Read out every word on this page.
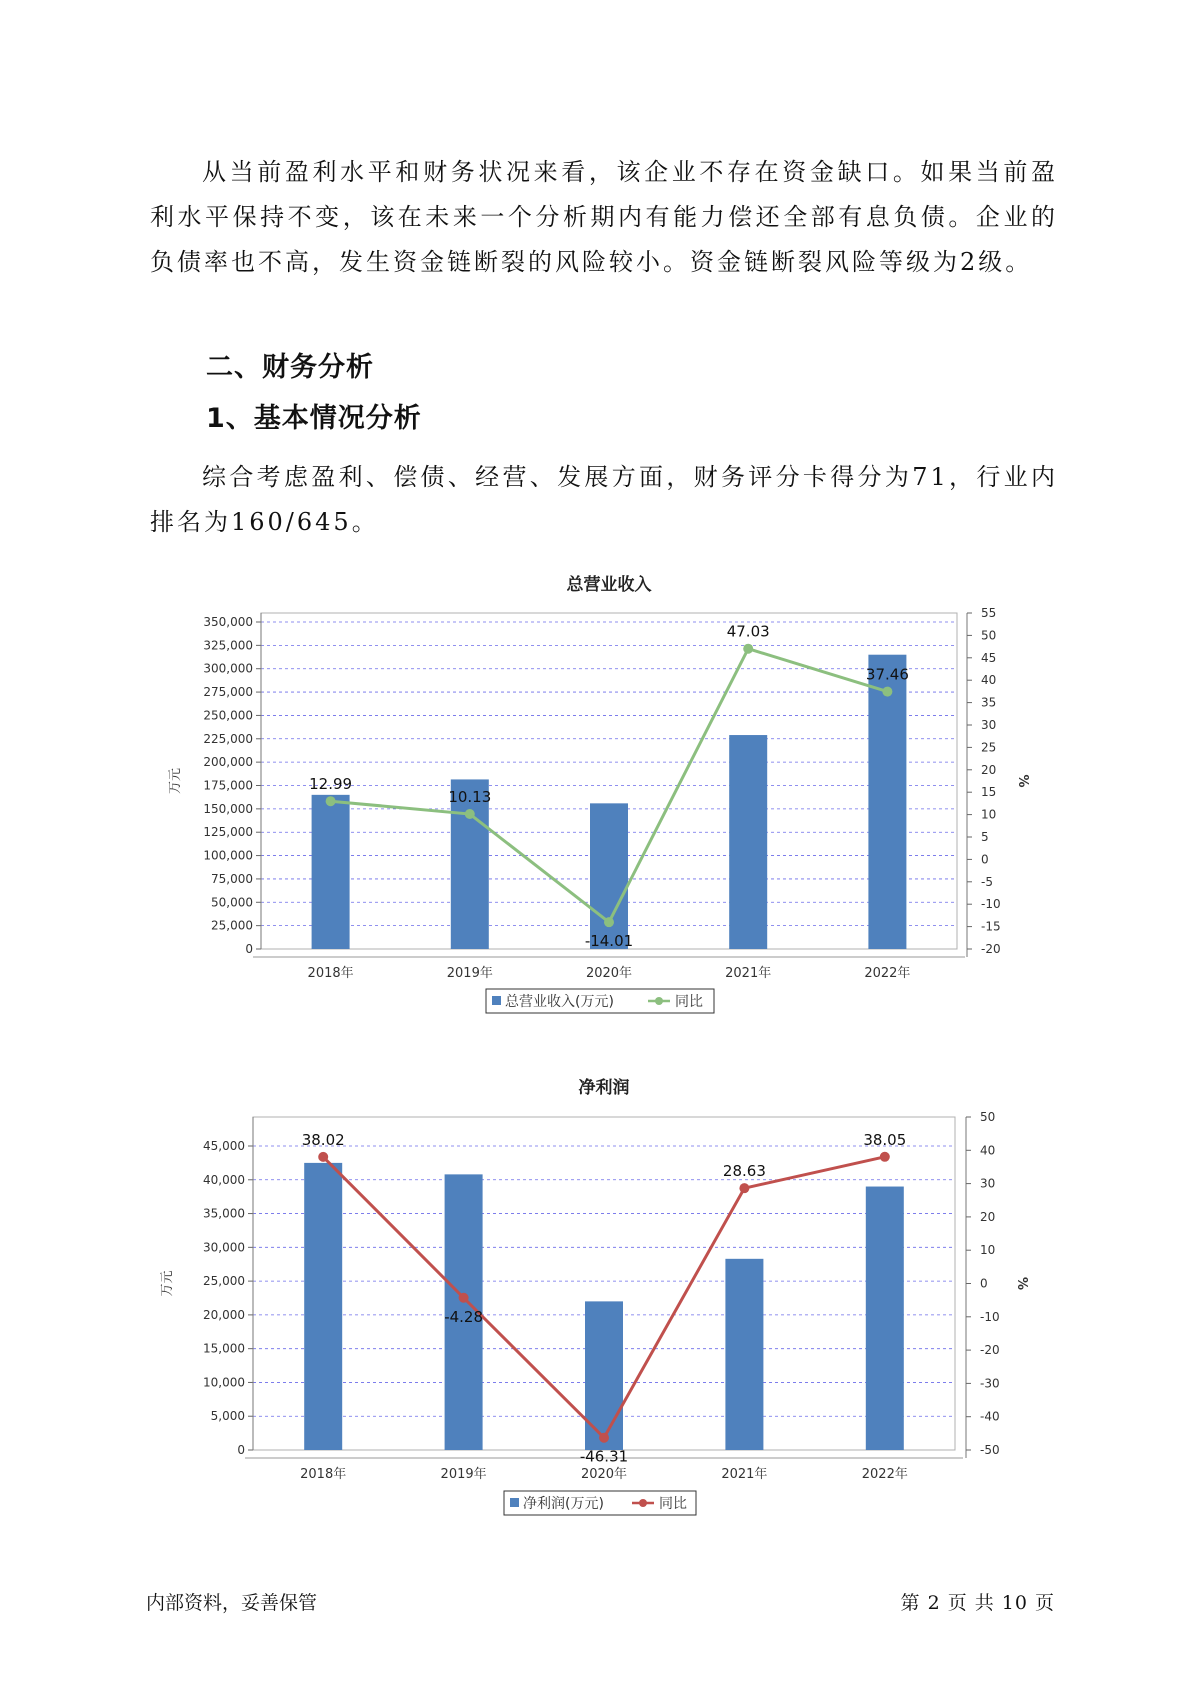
从当前盈利水平和财务状况来看，该企业不存在资金缺口。如果当前盈利水平保持不变，该在未来一个分析期内有能力偿还全部有息负债。企业的负债率也不高，发生资金链断裂的风险较小。资金链断裂风险等级为2级。

二、财务分析
1、基本情况分析

综合考虑盈利、偿债、经营、发展方面，财务评分卡得分为71，行业内排名为160/645。

总营业收入
0
25,000
50,000
75,000
100,000
125,000
150,000
175,000
200,000
225,000
250,000
275,000
300,000
325,000
350,000
-20
-15
-10
-5
0
5
10
15
20
25
30
35
40
45
50
55
万元	%
2018年	2019年	2020年	2021年	2022年
12.99
10.13
-14.01
47.03
37.46
总营业收入(万元)	同比
净利润
0
5,000
10,000
15,000
20,000
25,000
30,000
35,000
40,000
45,000
-50
-40
-30
-20
-10
0
10
20
30
40
50
万元	%
2018年	2019年	2020年	2021年	2022年
38.02
-4.28
-46.31
28.63
38.05
净利润(万元)	同比
内部资料，妥善保管	第 2 页 共 10 页
